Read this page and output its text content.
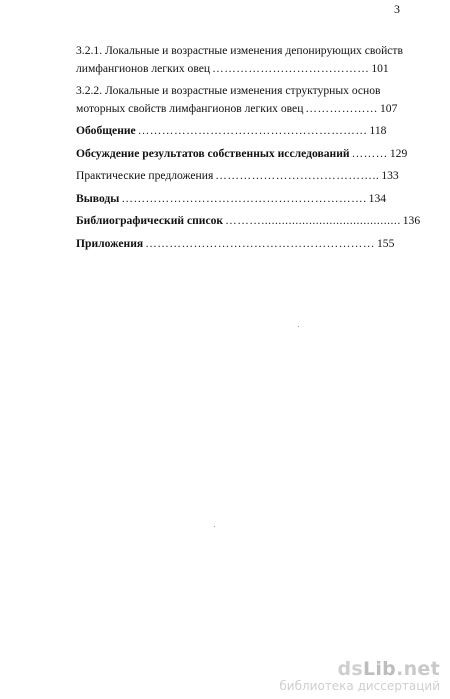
3
3.2.1. Локальные и возрастные изменения депонирующих свойств
лимфангионов легких овец ………………………………… 101
3.2.2. Локальные и возрастные изменения структурных основ
моторных свойств лимфангионов легких овец ……………… 107
Обобщение ………………………………………………… 118
Обсуждение результатов собственных исследований ……… 129
Практические предложения ………………………………….. 133
Выводы ……………………………………………………. 134
Библиографический список ………......................................... 136
Приложения ………………………………………………… 155
dsLib.net
библиотека диссертаций
